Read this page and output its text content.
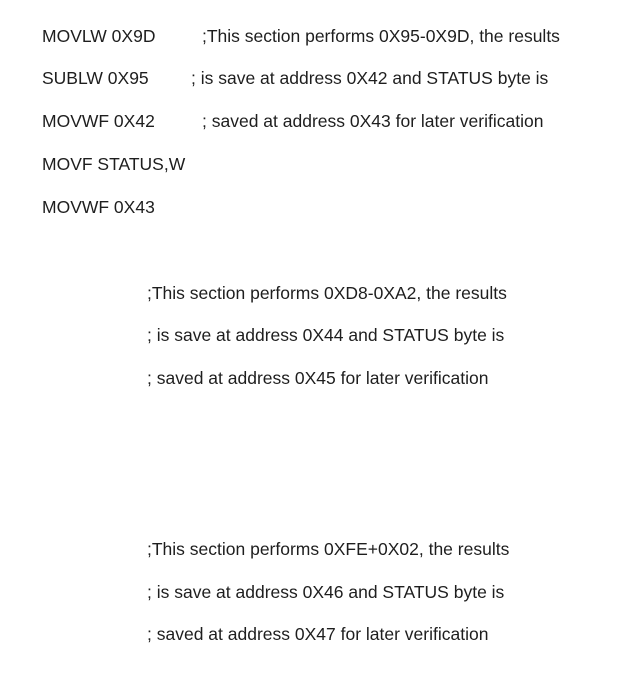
MOVLW 0X9D	;This section performs 0X95-0X9D, the results
SUBLW 0X95 ; is save at address 0X42 and STATUS byte is
MOVWF 0X42	; saved at address 0X43 for later verification
MOVF STATUS,W
MOVWF 0X43
;This section performs 0XD8-0XA2, the results
; is save at address 0X44 and STATUS byte is
; saved at address 0X45 for later verification
;This section performs 0XFE+0X02, the results
; is save at address 0X46 and STATUS byte is
; saved at address 0X47 for later verification
